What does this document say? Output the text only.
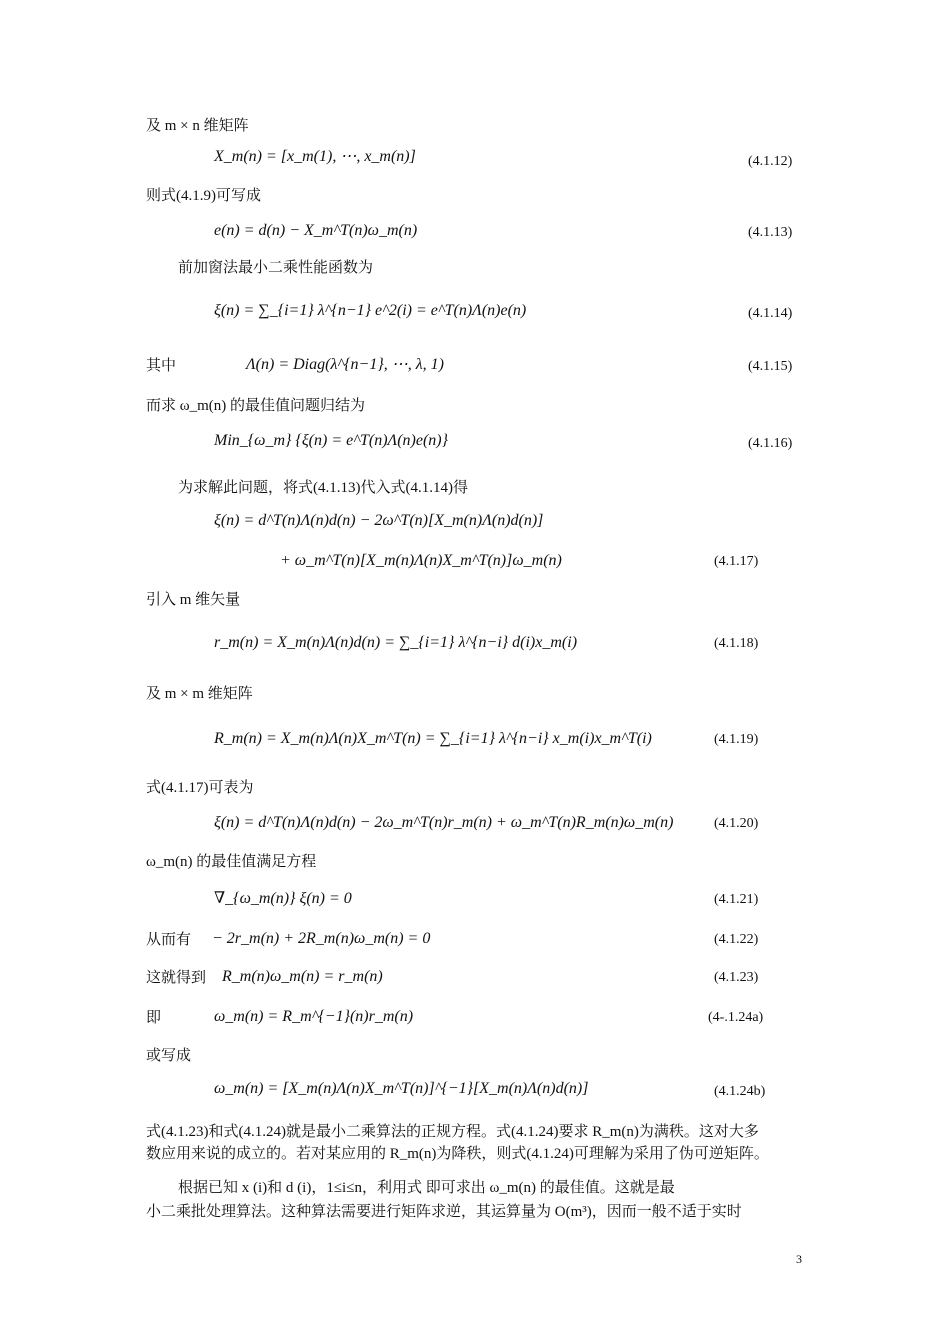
及 m × n 维矩阵
X_m(n) = [x_m(1), ⋯, x_m(n)]	(4.1.12)
则式(4.1.9)可写成
e(n) = d(n) − X_m^T(n)ω_m(n)	(4.1.13)
前加窗法最小二乘性能函数为
ξ(n) = ∑_{i=1} λ^{n−1} e^2(i) = e^T(n)Λ(n)e(n)	(4.1.14)
其中	Λ(n) = Diag(λ^{n−1}, ⋯, λ, 1)	(4.1.15)
而求 ω_m(n) 的最佳值问题归结为
Min_{ω_m} {ξ(n) = e^T(n)Λ(n)e(n)}	(4.1.16)
为求解此问题，将式(4.1.13)代入式(4.1.14)得
ξ(n) = d^T(n)Λ(n)d(n) − 2ω^T(n)[X_m(n)Λ(n)d(n)]
+ ω_m^T(n)[X_m(n)Λ(n)X_m^T(n)]ω_m(n)	(4.1.17)
引入 m 维矢量
r_m(n) = X_m(n)Λ(n)d(n) = ∑_{i=1} λ^{n−i} d(i)x_m(i)	(4.1.18)
及 m × m 维矩阵
R_m(n) = X_m(n)Λ(n)X_m^T(n) = ∑_{i=1} λ^{n−i} x_m(i)x_m^T(i)	(4.1.19)
式(4.1.17)可表为
ξ(n) = d^T(n)Λ(n)d(n) − 2ω_m^T(n)r_m(n) + ω_m^T(n)R_m(n)ω_m(n)	(4.1.20)
ω_m(n) 的最佳值满足方程
∇_{ω_m(n)} ξ(n) = 0	(4.1.21)
从而有 − 2r_m(n) + 2R_m(n)ω_m(n) = 0	(4.1.22)
这就得到 R_m(n)ω_m(n) = r_m(n)	(4.1.23)
即	ω_m(n) = R_m^{−1}(n)r_m(n)	(4-.1.24a)
或写成
ω_m(n) = [X_m(n)Λ(n)X_m^T(n)]^{−1}[X_m(n)Λ(n)d(n)]	(4.1.24b)
式(4.1.23)和式(4.1.24)就是最小二乘算法的正规方程。式(4.1.24)要求 R_m(n)为满秩。这对大多
数应用来说的成立的。若对某应用的 R_m(n)为降秩，则式(4.1.24)可理解为采用了伪可逆矩阵。
根据已知 x (i)和 d (i)，1≤i≤n，利用式 即可求出 ω_m(n) 的最佳值。这就是最
小二乘批处理算法。这种算法需要进行矩阵求逆，其运算量为 O(m³)，因而一般不适于实时
3
